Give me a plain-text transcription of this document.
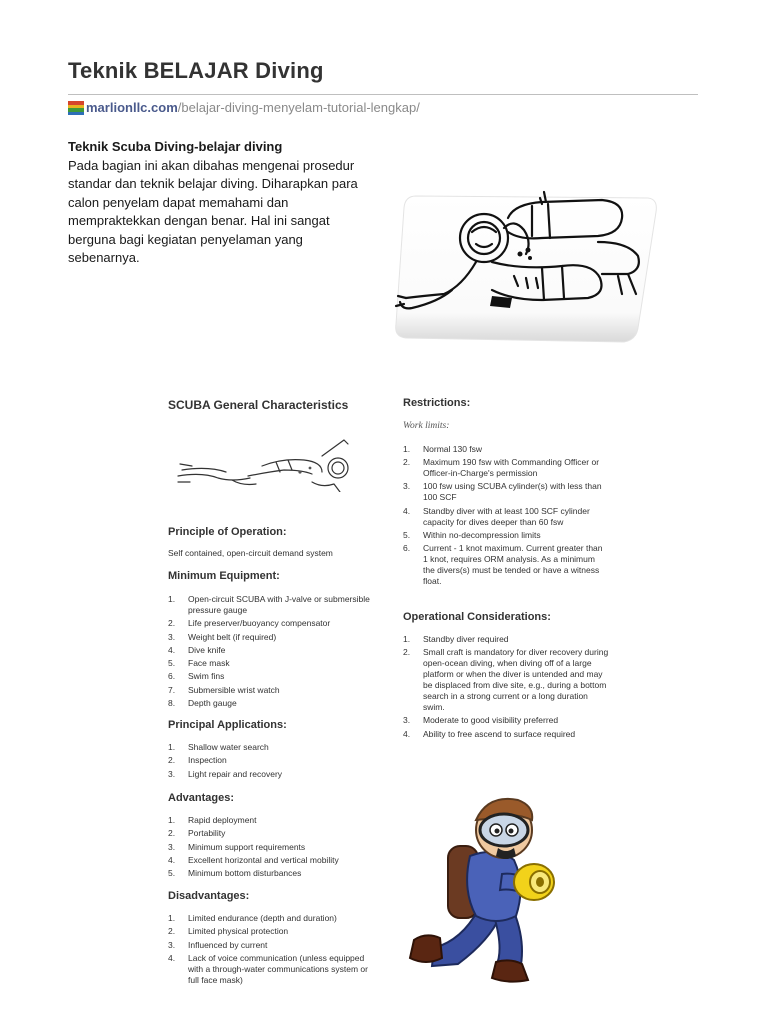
Teknik BELAJAR Diving
marlionllc.com /belajar-diving-menyelam-tutorial-lengkap/
Teknik Scuba Diving-belajar diving
Pada bagian ini akan dibahas mengenai prosedur standar dan teknik belajar diving. Diharapkan para calon penyelam dapat memahami dan mempraktekkan dengan benar. Hal ini sangat berguna bagi kegiatan penyelaman yang sebenarnya.
SCUBA General Characteristics
Principle of Operation:

Self contained, open-circuit demand system

Minimum Equipment:
1. Open-circuit SCUBA with J-valve or submersible pressure gauge
2. Life preserver/buoyancy compensator
3. Weight belt (if required)
4. Dive knife
5. Face mask
6. Swim fins
7. Submersible wrist watch
8. Depth gauge
Principal Applications:
1. Shallow water search
2. Inspection
3. Light repair and recovery
Advantages:
1. Rapid deployment
2. Portability
3. Minimum support requirements
4. Excellent horizontal and vertical mobility
5. Minimum bottom disturbances
Disadvantages:
1. Limited endurance (depth and duration)
2. Limited physical protection
3. Influenced by current
4. Lack of voice communication (unless equipped with a through-water communications system or full face mask)
Restrictions:

Work limits:

1. Normal 130 fsw
2. Maximum 190 fsw with Commanding Officer or Officer-in-Charge's permission
3. 100 fsw using SCUBA cylinder(s) with less than 100 SCF
4. Standby diver with at least 100 SCF cylinder capacity for dives deeper than 60 fsw
5. Within no-decompression limits
6. Current - 1 knot maximum. Current greater than 1 knot, requires ORM analysis. As a minimum the divers(s) must be tended or have a witness float.
Operational Considerations:
1. Standby diver required
2. Small craft is mandatory for diver recovery during open-ocean diving, when diving off of a large platform or when the diver is untended and may be displaced from dive site, e.g., during a bottom search in a strong current or a long duration swim.
3. Moderate to good visibility preferred
4. Ability to free ascend to surface required
